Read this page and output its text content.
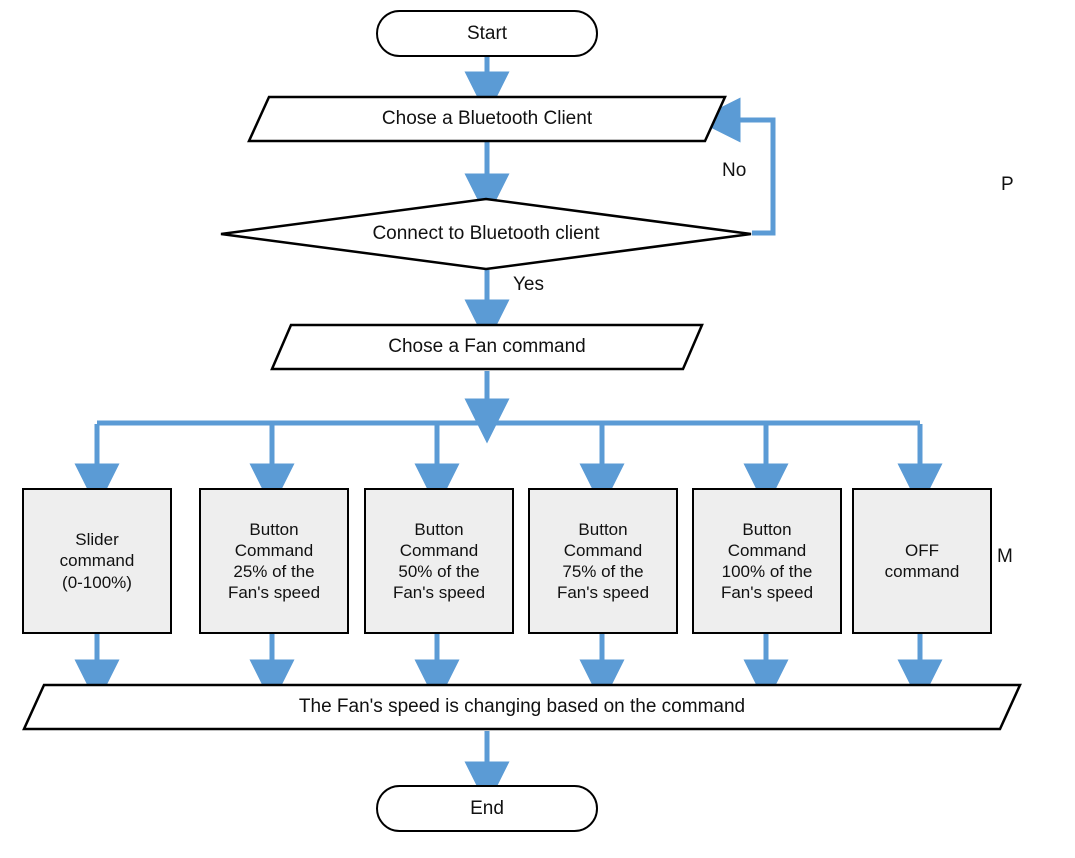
Start
Chose a Bluetooth Client
Connect to Bluetooth client
No
Yes
Chose a Fan command
Slider
command
(0-100%)
Button
Command
25% of the
Fan's speed
Button
Command
50% of the
Fan's speed
Button
Command
75% of the
Fan's speed
Button
Command
100% of the
Fan's speed
OFF
command
The Fan's speed is changing based on the command
End
P
M
